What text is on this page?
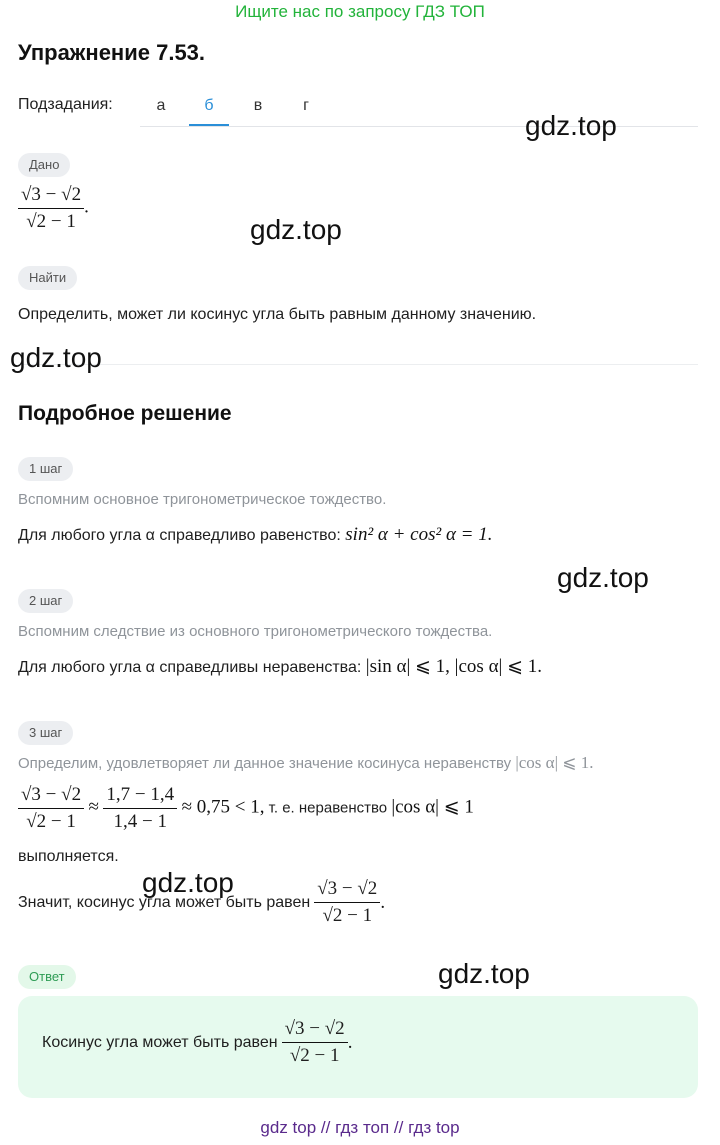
Ищите нас по запросу ГДЗ ТОП
Упражнение 7.53.
Подзадания:	а	б	в	г
Дано
$\frac{√3 - √2}{√2 - 1}$ .
Найти
Определить, может ли косинус угла быть равным данному значению.
Подробное решение
1 шаг
Вспомним основное тригонометрическое тождество.
Для любого угла α справедливо равенство: sin² α + cos² α = 1.
2 шаг
Вспомним следствие из основного тригонометрического тождества.
Для любого угла α справедливы неравенства: |sin α| ⩽ 1, |cos α| ⩽ 1.
3 шаг
Определим, удовлетворяет ли данное значение косинуса неравенству |cos α| ⩽ 1.
$\frac{√3 - √2}{√2 - 1} \approx \frac{1,7 - 1,4}{1,4 - 1} \approx 0,75 < 1$, т. е. неравенство |cos α| ⩽ 1
выполняется.
Значит, косинус угла может быть равен $\frac{√3 - √2}{√2 - 1}$ .
Ответ
Косинус угла может быть равен $\frac{√3 - √2}{√2 - 1}$ .
gdz.top
gdz.top
gdz.top
gdz.top
gdz.top
gdz.top
gdz top // гдз топ // гдз top
